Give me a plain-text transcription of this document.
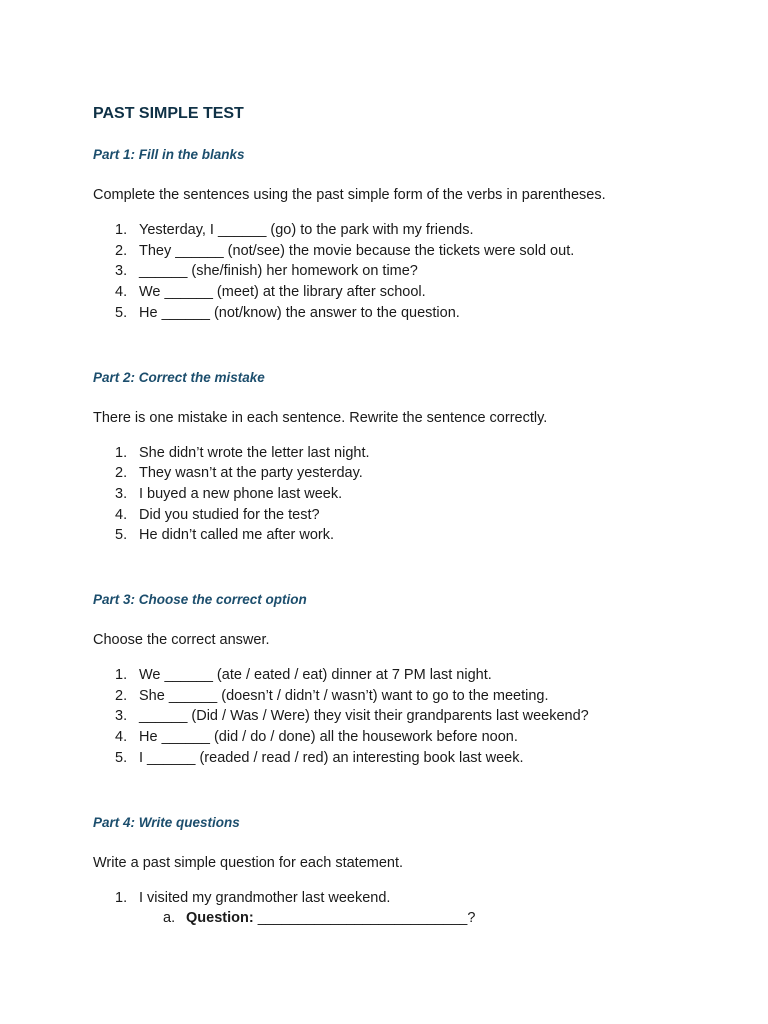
PAST SIMPLE TEST

Part 1: Fill in the blanks

Complete the sentences using the past simple form of the verbs in parentheses.

1. Yesterday, I ______ (go) to the park with my friends.
2. They ______ (not/see) the movie because the tickets were sold out.
3. ______ (she/finish) her homework on time?
4. We ______ (meet) at the library after school.
5. He ______ (not/know) the answer to the question.

Part 2: Correct the mistake

There is one mistake in each sentence. Rewrite the sentence correctly.

1. She didn’t wrote the letter last night.
2. They wasn’t at the party yesterday.
3. I buyed a new phone last week.
4. Did you studied for the test?
5. He didn’t called me after work.

Part 3: Choose the correct option

Choose the correct answer.

1. We ______ (ate / eated / eat) dinner at 7 PM last night.
2. She ______ (doesn’t / didn’t / wasn’t) want to go to the meeting.
3. ______ (Did / Was / Were) they visit their grandparents last weekend?
4. He ______ (did / do / done) all the housework before noon.
5. I ______ (readed / read / red) an interesting book last week.

Part 4: Write questions

Write a past simple question for each statement.

1. I visited my grandmother last weekend.
a. Question: __________________________?
